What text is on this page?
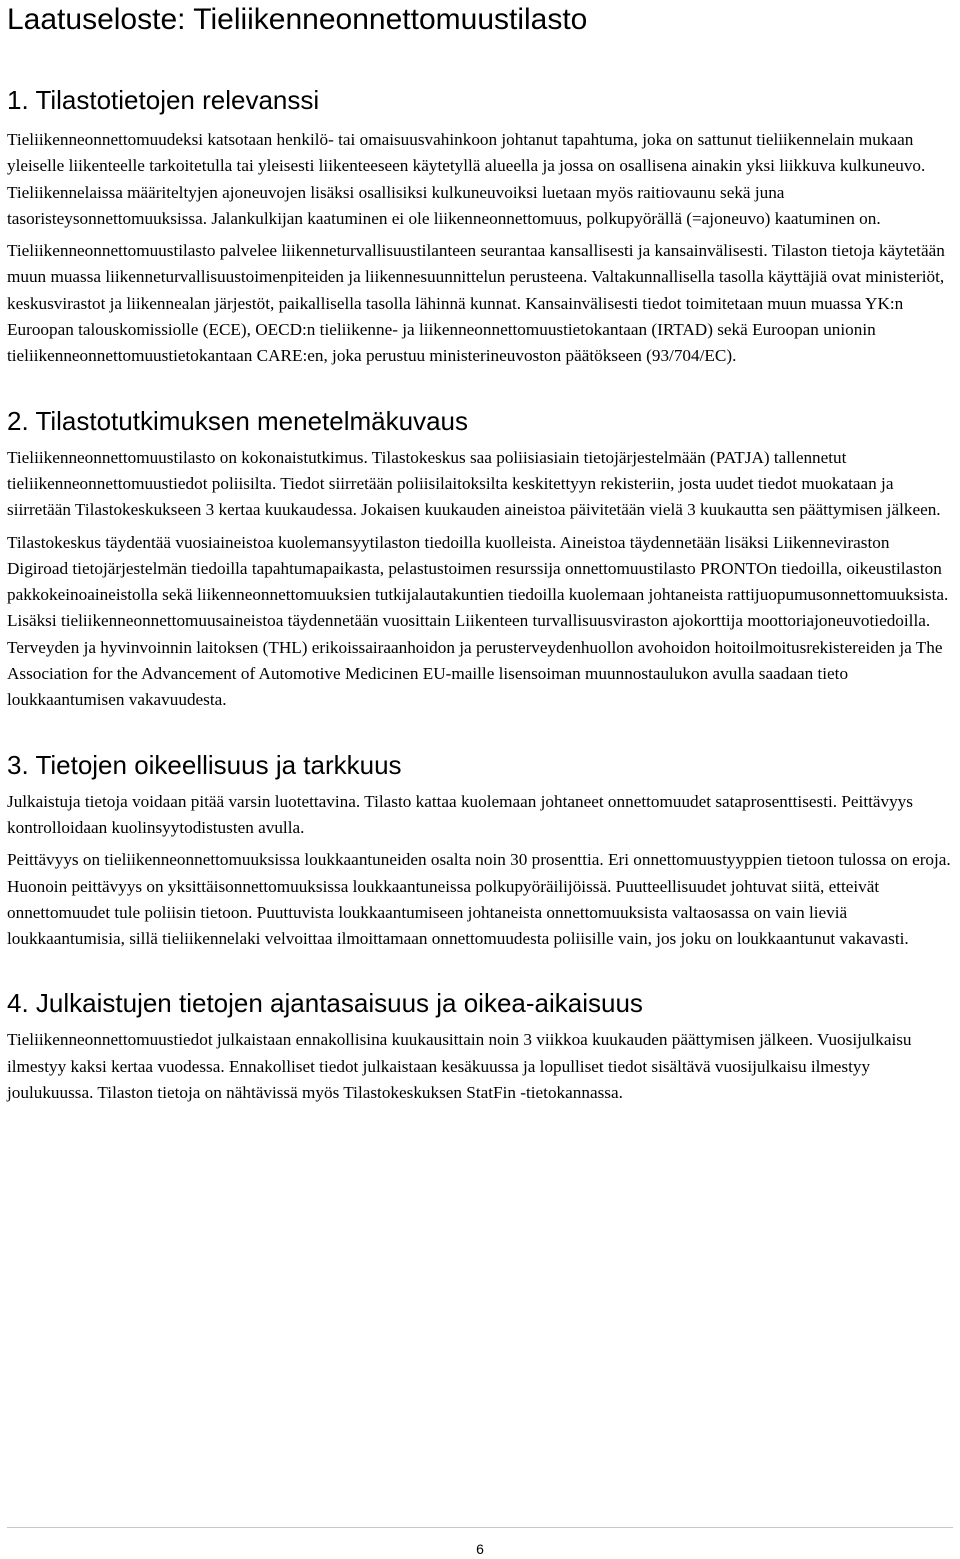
Laatuseloste: Tieliikenneonnettomuustilasto
1. Tilastotietojen relevanssi

Tieliikenneonnettomuudeksi katsotaan henkilö- tai omaisuusvahinkoon johtanut tapahtuma, joka on sattunut tieliikennelain mukaan yleiselle liikenteelle tarkoitetulla tai yleisesti liikenteeseen käytetyllä alueella ja jossa on osallisena ainakin yksi liikkuva kulkuneuvo. Tieliikennelaissa määriteltyjen ajoneuvojen lisäksi osallisiksi kulkuneuvoiksi luetaan myös raitiovaunu sekä juna tasoristeysonnettomuuksissa. Jalankulkijan kaatuminen ei ole liikenneonnettomuus, polkupyörällä (=ajoneuvo) kaatuminen on.

Tieliikenneonnettomuustilasto palvelee liikenneturvallisuustilanteen seurantaa kansallisesti ja kansainvälisesti. Tilaston tietoja käytetään muun muassa liikenneturvallisuustoimenpiteiden ja liikennesuunnittelun perusteena. Valtakunnallisella tasolla käyttäjiä ovat ministeriöt, keskusvirastot ja liikennealan järjestöt, paikallisella tasolla lähinnä kunnat. Kansainvälisesti tiedot toimitetaan muun muassa YK:n Euroopan talouskomissiolle (ECE), OECD:n tieliikenne- ja liikenneonnettomuustietokantaan (IRTAD) sekä Euroopan unionin tieliikenneonnettomuustietokantaan CARE:en, joka perustuu ministerineuvoston päätökseen (93/704/EC).

2. Tilastotutkimuksen menetelmäkuvaus

Tieliikenneonnettomuustilasto on kokonaistutkimus. Tilastokeskus saa poliisiasiain tietojärjestelmään (PATJA) tallennetut tieliikenneonnettomuustiedot poliisilta. Tiedot siirretään poliisilaitoksilta keskitettyyn rekisteriin, josta uudet tiedot muokataan ja siirretään Tilastokeskukseen 3 kertaa kuukaudessa. Jokaisen kuukauden aineistoa päivitetään vielä 3 kuukautta sen päättymisen jälkeen.

Tilastokeskus täydentää vuosiaineistoa kuolemansyytilaston tiedoilla kuolleista. Aineistoa täydennetään lisäksi Liikenneviraston Digiroad tietojärjestelmän tiedoilla tapahtumapaikasta, pelastustoimen resurssija onnettomuustilasto PRONTOn tiedoilla, oikeustilaston pakkokeinoaineistolla sekä liikenneonnettomuuksien tutkijalautakuntien tiedoilla kuolemaan johtaneista rattijuopumusonnettomuuksista. Lisäksi tieliikenneonnettomuusaineistoa täydennetään vuosittain Liikenteen turvallisuusviraston ajokorttija moottoriajoneuvotiedoilla. Terveyden ja hyvinvoinnin laitoksen (THL) erikoissairaanhoidon ja perusterveydenhuollon avohoidon hoitoilmoitusrekistereiden ja The Association for the Advancement of Automotive Medicinen EU-maille lisensoiman muunnostaulukon avulla saadaan tieto loukkaantumisen vakavuudesta.

3. Tietojen oikeellisuus ja tarkkuus

Julkaistuja tietoja voidaan pitää varsin luotettavina. Tilasto kattaa kuolemaan johtaneet onnettomuudet sataprosenttisesti. Peittävyys kontrolloidaan kuolinsyytodistusten avulla.

Peittävyys on tieliikenneonnettomuuksissa loukkaantuneiden osalta noin 30 prosenttia. Eri onnettomuustyyppien tietoon tulossa on eroja. Huonoin peittävyys on yksittäisonnettomuuksissa loukkaantuneissa polkupyöräilijöissä. Puutteellisuudet johtuvat siitä, etteivät onnettomuudet tule poliisin tietoon. Puuttuvista loukkaantumiseen johtaneista onnettomuuksista valtaosassa on vain lieviä loukkaantumisia, sillä tieliikennelaki velvoittaa ilmoittamaan onnettomuudesta poliisille vain, jos joku on loukkaantunut vakavasti.

4. Julkaistujen tietojen ajantasaisuus ja oikea-aikaisuus

Tieliikenneonnettomuustiedot julkaistaan ennakollisina kuukausittain noin 3 viikkoa kuukauden päättymisen jälkeen. Vuosijulkaisu ilmestyy kaksi kertaa vuodessa. Ennakolliset tiedot julkaistaan kesäkuussa ja lopulliset tiedot sisältävä vuosijulkaisu ilmestyy joulukuussa. Tilaston tietoja on nähtävissä myös Tilastokeskuksen StatFin -tietokannassa.

6
